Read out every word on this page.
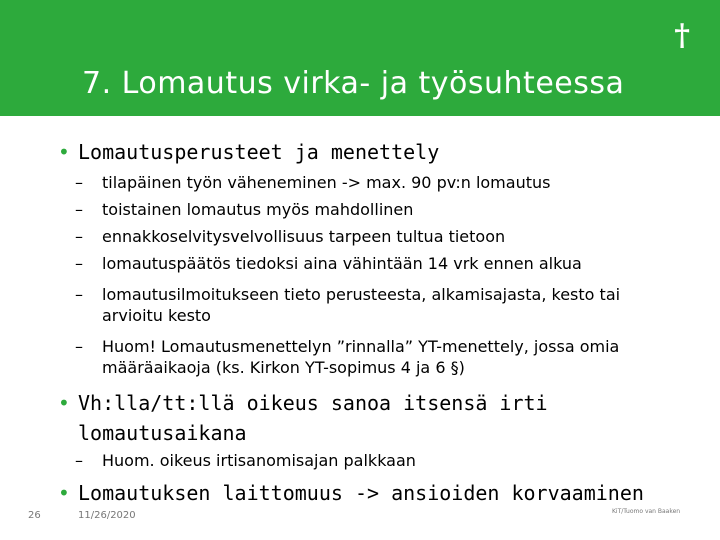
†
7. Lomautus virka- ja työsuhteessa
• Lomautusperusteet ja menettely
– tilapäinen työn väheneminen -> max. 90 pv:n lomautus
– toistainen lomautus myös mahdollinen
– ennakkoselvitysvelvollisuus tarpeen tultua tietoon
– lomautuspäätös tiedoksi aina vähintään 14 vrk ennen alkua
– lomautusilmoitukseen tieto perusteesta, alkamisajasta, kesto tai arvioitu kesto
– Huom! Lomautusmenettelyn ”rinnalla” YT-menettely, jossa omia määräaikaoja (ks. Kirkon YT-sopimus 4 ja 6 §)
• Vh:lla/tt:llä oikeus sanoa itsensä irti
lomautusaikana
– Huom. oikeus irtisanomisajan palkkaan
• Lomautuksen laittomuus -> ansioiden korvaaminen
26	11/26/2020	KiT/Tuomo van Baaken
